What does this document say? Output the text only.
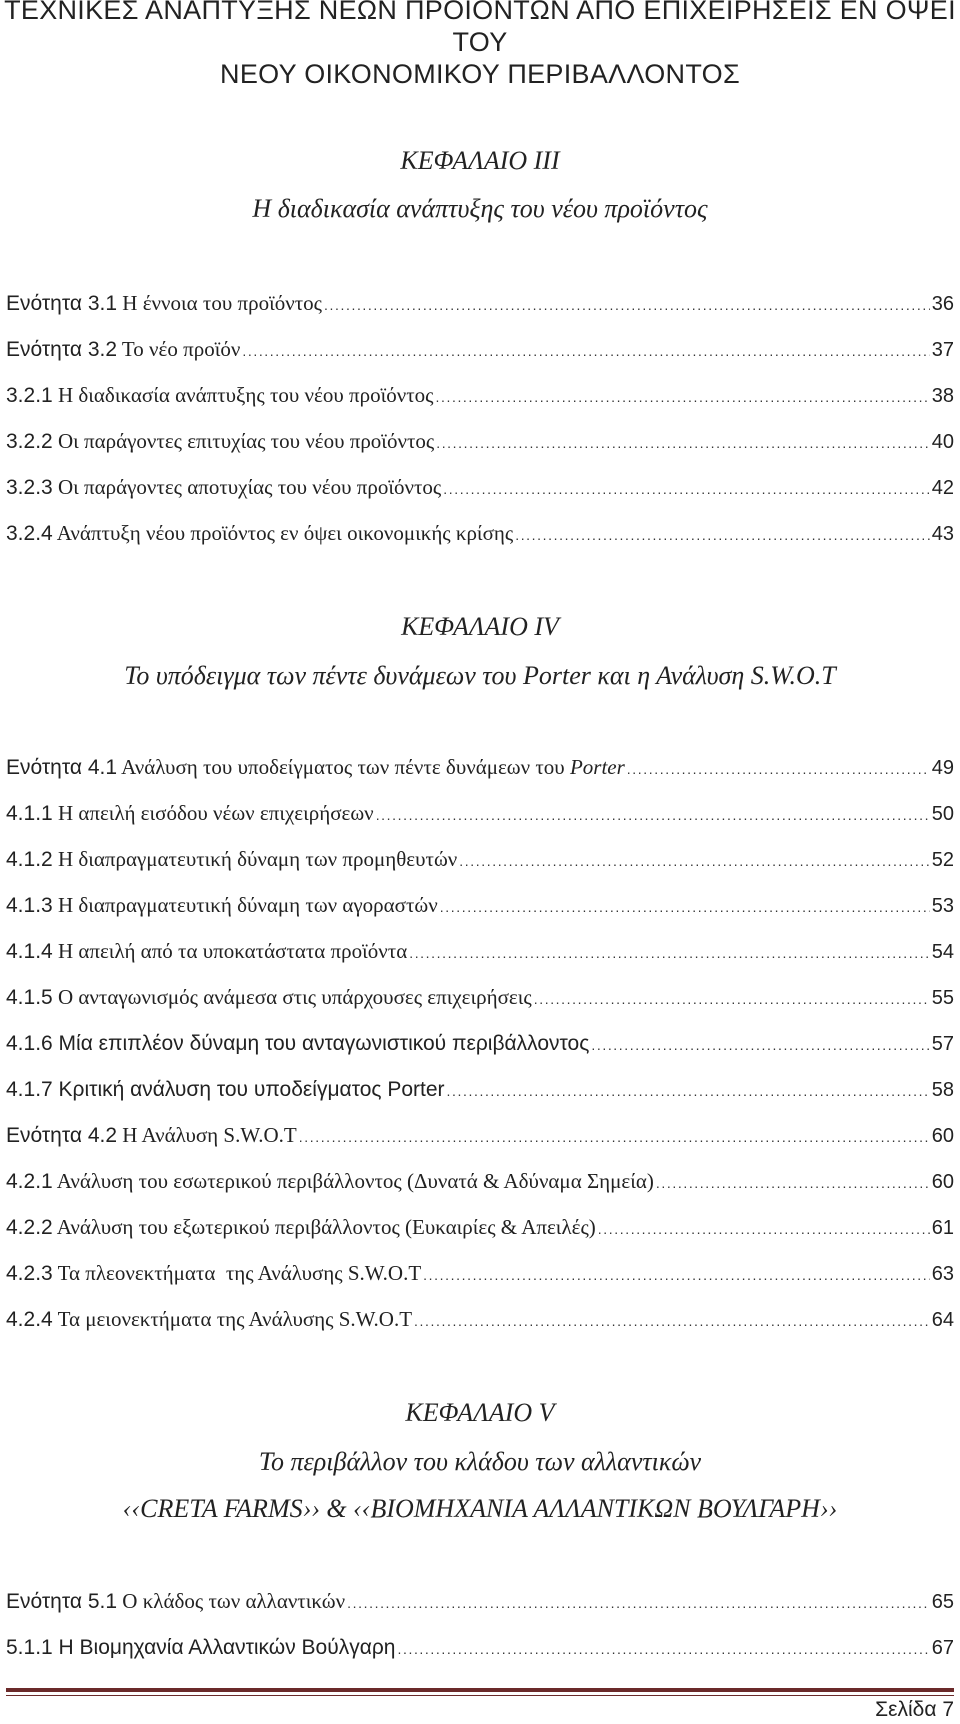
ΤΕΧΝΙΚΕΣ ΑΝΑΠΤΥΞΗΣ ΝΕΩΝ ΠΡΟΙΟΝΤΩΝ ΑΠΟ ΕΠΙΧΕΙΡΗΣΕΙΣ ΕΝ ΟΨΕΙ ΤΟΥ
ΝΕΟΥ ΟΙΚΟΝΟΜΙΚΟΥ ΠΕΡΙΒΑΛΛΟΝΤΟΣ
ΚΕΦΑΛΑΙΟ ΙΙΙ
Η διαδικασία ανάπτυξης του νέου προϊόντος
Ενότητα 3.1 Η έννοια του προϊόντος .....	36
Ενότητα 3.2 Το νέο προϊόν .....	37
3.2.1 Η διαδικασία ανάπτυξης του νέου προϊόντος .....	38
3.2.2 Οι παράγοντες επιτυχίας του νέου προϊόντος .....	40
3.2.3 Οι παράγοντες αποτυχίας του νέου προϊόντος .....	42
3.2.4 Ανάπτυξη νέου προϊόντος εν όψει οικονομικής κρίσης .....	43
ΚΕΦΑΛΑΙΟ IV
Το υπόδειγμα των πέντε δυνάμεων του Porter και η Ανάλυση S.W.O.T
Ενότητα 4.1 Ανάλυση του υποδείγματος των πέντε δυνάμεων του Porter .....	49
4.1.1 Η απειλή εισόδου νέων επιχειρήσεων .....	50
4.1.2 Η διαπραγματευτική δύναμη των προμηθευτών .....	52
4.1.3 Η διαπραγματευτική δύναμη των αγοραστών .....	53
4.1.4 Η απειλή από τα υποκατάστατα προϊόντα .....	54
4.1.5 Ο ανταγωνισμός ανάμεσα στις υπάρχουσες επιχειρήσεις .....	55
4.1.6 Μία επιπλέον δύναμη του ανταγωνιστικού περιβάλλοντος .....	57
4.1.7 Κριτική ανάλυση του υποδείγματος Porter .....	58
Ενότητα 4.2 Η Ανάλυση S.W.O.T .....	60
4.2.1 Ανάλυση του εσωτερικού περιβάλλοντος (Δυνατά & Αδύναμα Σημεία) .....	60
4.2.2 Ανάλυση του εξωτερικού περιβάλλοντος (Ευκαιρίες & Απειλές) .....	61
4.2.3 Τα πλεονεκτήματα  της Ανάλυσης S.W.O.T .....	63
4.2.4 Τα μειονεκτήματα της Ανάλυσης S.W.O.T .....	64
ΚΕΦΑΛΑΙΟ V
Το περιβάλλον του κλάδου των αλλαντικών
‹‹CRETA FARMS›› & ‹‹ΒΙΟΜΗΧΑΝΙΑ ΑΛΛΑΝΤΙΚΩΝ ΒΟΥΛΓΑΡΗ››
Ενότητα 5.1 Ο κλάδος των αλλαντικών .....	65
5.1.1 Η Βιομηχανία Αλλαντικών Βούλγαρη .....	67
Σελίδα 7
